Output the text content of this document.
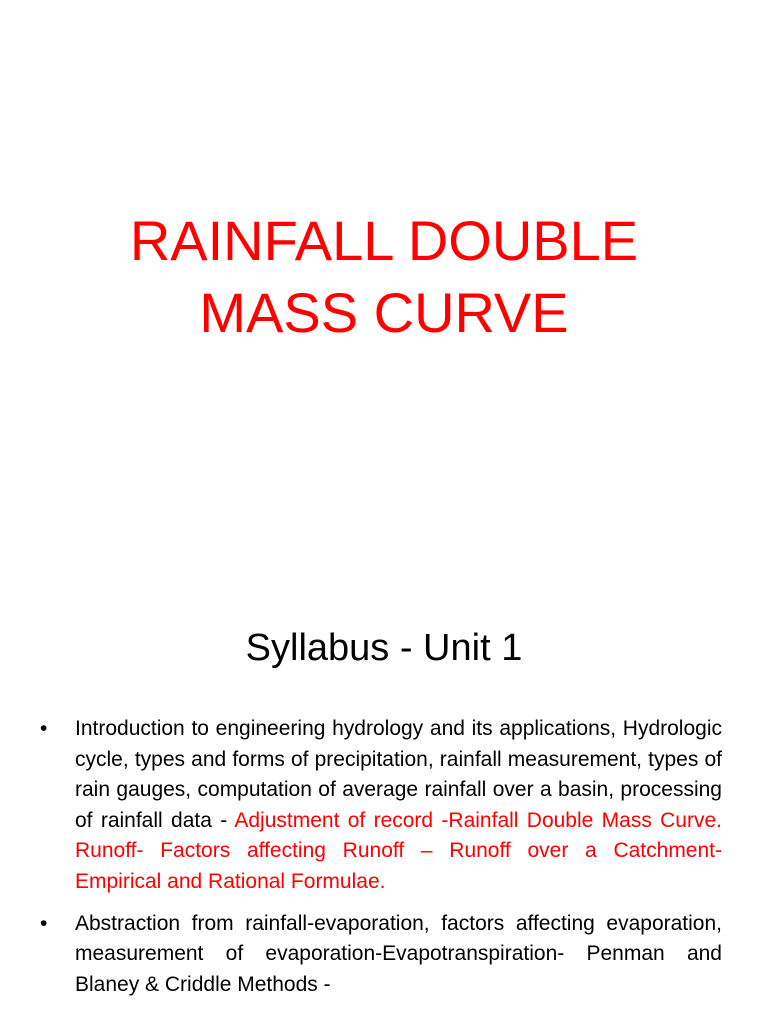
RAINFALL DOUBLE
MASS CURVE
Syllabus - Unit 1
•	Introduction to engineering hydrology and its applications, Hydrologic cycle, types and forms of precipitation, rainfall measurement, types of rain gauges, computation of average rainfall over a basin, processing of rainfall data - Adjustment of record -Rainfall Double Mass Curve. Runoff- Factors affecting Runoff – Runoff over a Catchment- Empirical and Rational Formulae.
•	Abstraction from rainfall-evaporation, factors affecting evaporation, measurement of evaporation-Evapotranspiration- Penman and Blaney & Criddle Methods -
